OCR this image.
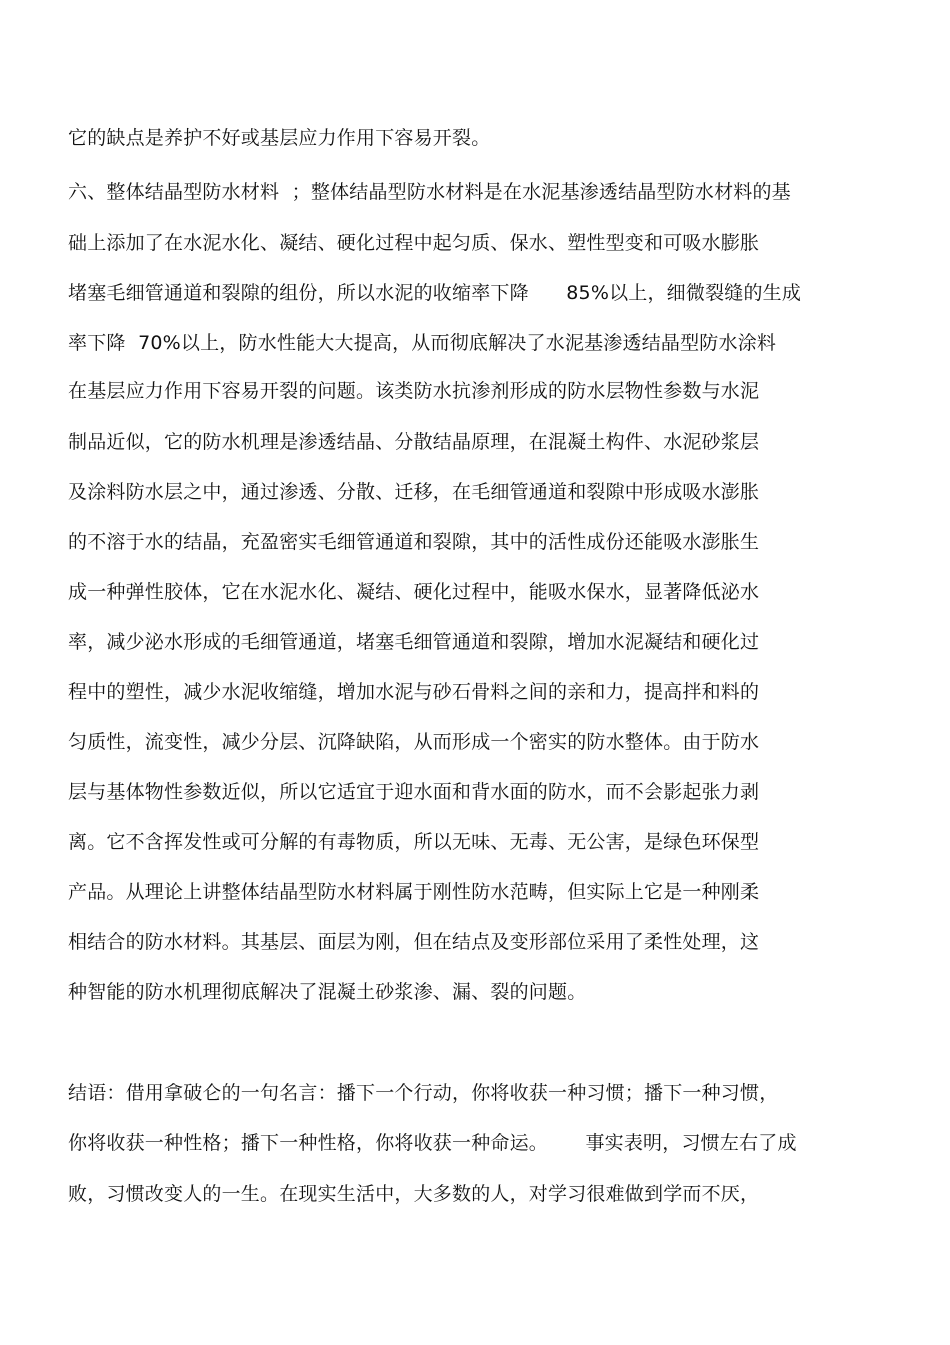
它的缺点是养护不好或基层应力作用下容易开裂。
六、整体结晶型防水材料  ；整体结晶型防水材料是在水泥基渗透结晶型防水材料的基
础上添加了在水泥水化、凝结、硬化过程中起匀质、保水、塑性型变和可吸水膨胀
堵塞毛细管通道和裂隙的组份，所以水泥的收缩率下降      85%以上，细微裂缝的生成
率下降  70%以上，防水性能大大提高，从而彻底解决了水泥基渗透结晶型防水涂料
在基层应力作用下容易开裂的问题。该类防水抗渗剂形成的防水层物性参数与水泥
制品近似，它的防水机理是渗透结晶、分散结晶原理，在混凝土构件、水泥砂浆层
及涂料防水层之中，通过渗透、分散、迁移，在毛细管通道和裂隙中形成吸水澎胀
的不溶于水的结晶，充盈密实毛细管通道和裂隙，其中的活性成份还能吸水澎胀生
成一种弹性胶体，它在水泥水化、凝结、硬化过程中，能吸水保水，显著降低泌水
率，减少泌水形成的毛细管通道，堵塞毛细管通道和裂隙，增加水泥凝结和硬化过
程中的塑性，减少水泥收缩缝，增加水泥与砂石骨料之间的亲和力，提高拌和料的
匀质性，流变性，减少分层、沉降缺陷，从而形成一个密实的防水整体。由于防水
层与基体物性参数近似，所以它适宜于迎水面和背水面的防水，而不会影起张力剥
离。它不含挥发性或可分解的有毒物质，所以无味、无毒、无公害，是绿色环保型
产品。从理论上讲整体结晶型防水材料属于刚性防水范畴，但实际上它是一种刚柔
相结合的防水材料。其基层、面层为刚，但在结点及变形部位采用了柔性处理，这
种智能的防水机理彻底解决了混凝土砂浆渗、漏、裂的问题。
结语：借用拿破仑的一句名言：播下一个行动，你将收获一种习惯；播下一种习惯，
你将收获一种性格；播下一种性格，你将收获一种命运。      事实表明，习惯左右了成
败，习惯改变人的一生。在现实生活中，大多数的人，对学习很难做到学而不厌，
